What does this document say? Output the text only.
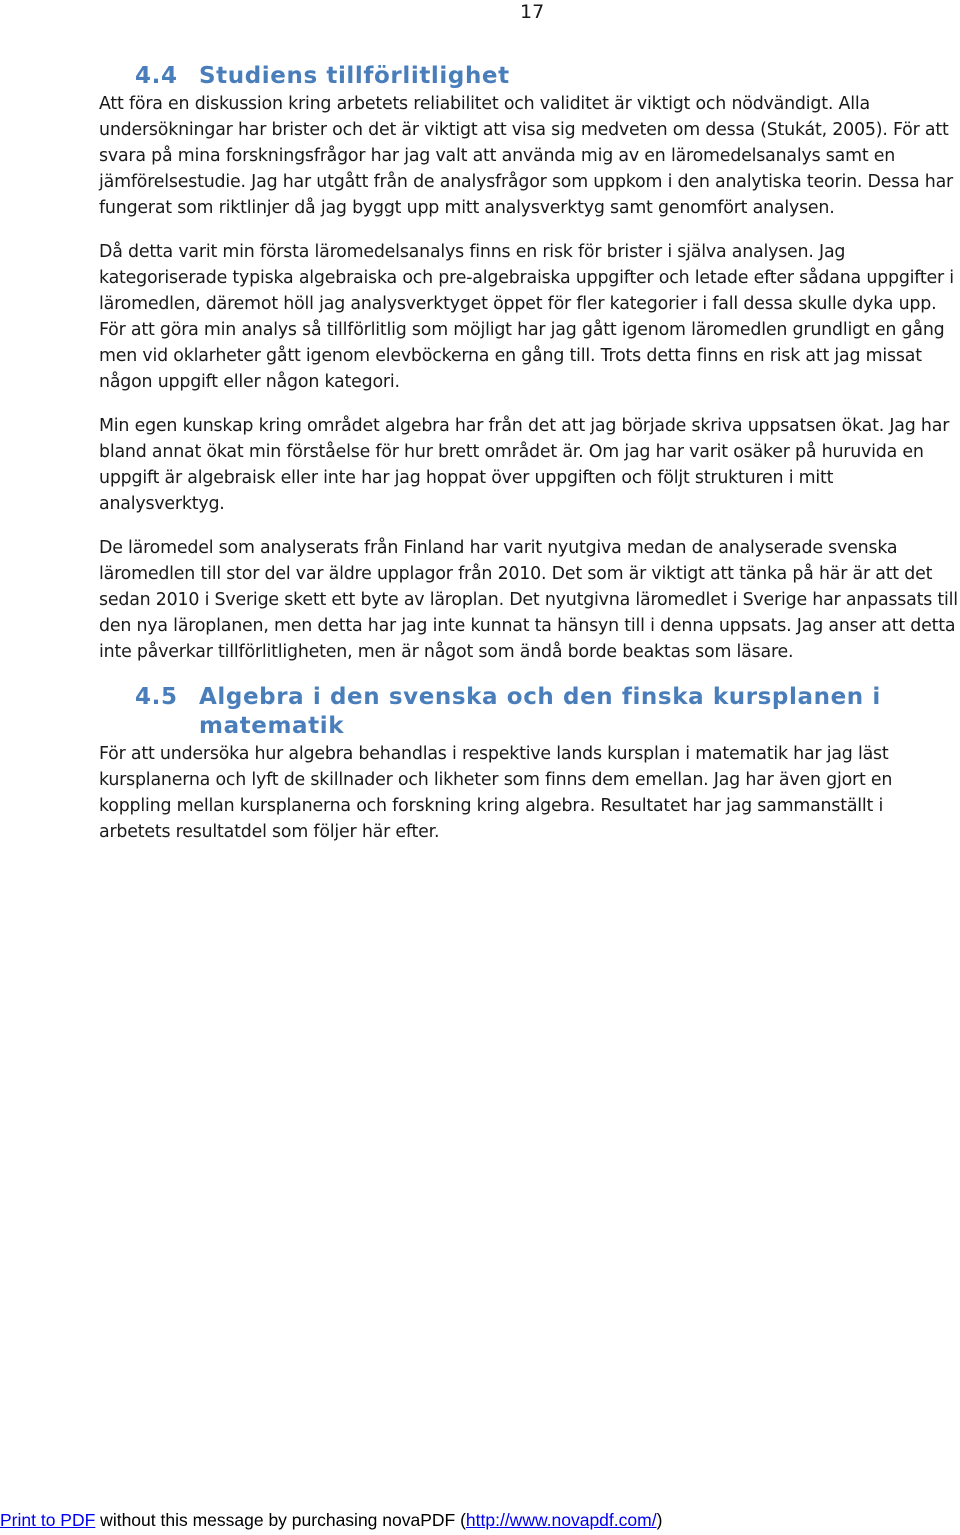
17
4.4 Studiens tillförlitlighet

Att föra en diskussion kring arbetets reliabilitet och validitet är viktigt och nödvändigt. Alla undersökningar har brister och det är viktigt att visa sig medveten om dessa (Stukát, 2005). För att svara på mina forskningsfrågor har jag valt att använda mig av en läromedelsanalys samt en jämförelsestudie. Jag har utgått från de analysfrågor som uppkom i den analytiska teorin. Dessa har fungerat som riktlinjer då jag byggt upp mitt analysverktyg samt genomfört analysen.

Då detta varit min första läromedelsanalys finns en risk för brister i själva analysen. Jag kategoriserade typiska algebraiska och pre-algebraiska uppgifter och letade efter sådana uppgifter i läromedlen, däremot höll jag analysverktyget öppet för fler kategorier i fall dessa skulle dyka upp. För att göra min analys så tillförlitlig som möjligt har jag gått igenom läromedlen grundligt en gång men vid oklarheter gått igenom elevböckerna en gång till. Trots detta finns en risk att jag missat någon uppgift eller någon kategori.

Min egen kunskap kring området algebra har från det att jag började skriva uppsatsen ökat. Jag har bland annat ökat min förståelse för hur brett området är. Om jag har varit osäker på huruvida en uppgift är algebraisk eller inte har jag hoppat över uppgiften och följt strukturen i mitt analysverktyg.

De läromedel som analyserats från Finland har varit nyutgiva medan de analyserade svenska läromedlen till stor del var äldre upplagor från 2010. Det som är viktigt att tänka på här är att det sedan 2010 i Sverige skett ett byte av läroplan. Det nyutgivna läromedlet i Sverige har anpassats till den nya läroplanen, men detta har jag inte kunnat ta hänsyn till i denna uppsats. Jag anser att detta inte påverkar tillförlitligheten, men är något som ändå borde beaktas som läsare.

4.5 Algebra i den svenska och den finska kursplanen i matematik

För att undersöka hur algebra behandlas i respektive lands kursplan i matematik har jag läst kursplanerna och lyft de skillnader och likheter som finns dem emellan. Jag har även gjort en koppling mellan kursplanerna och forskning kring algebra. Resultatet har jag sammanställt i arbetets resultatdel som följer här efter.

Print to PDF without this message by purchasing novaPDF (http://www.novapdf.com/)
